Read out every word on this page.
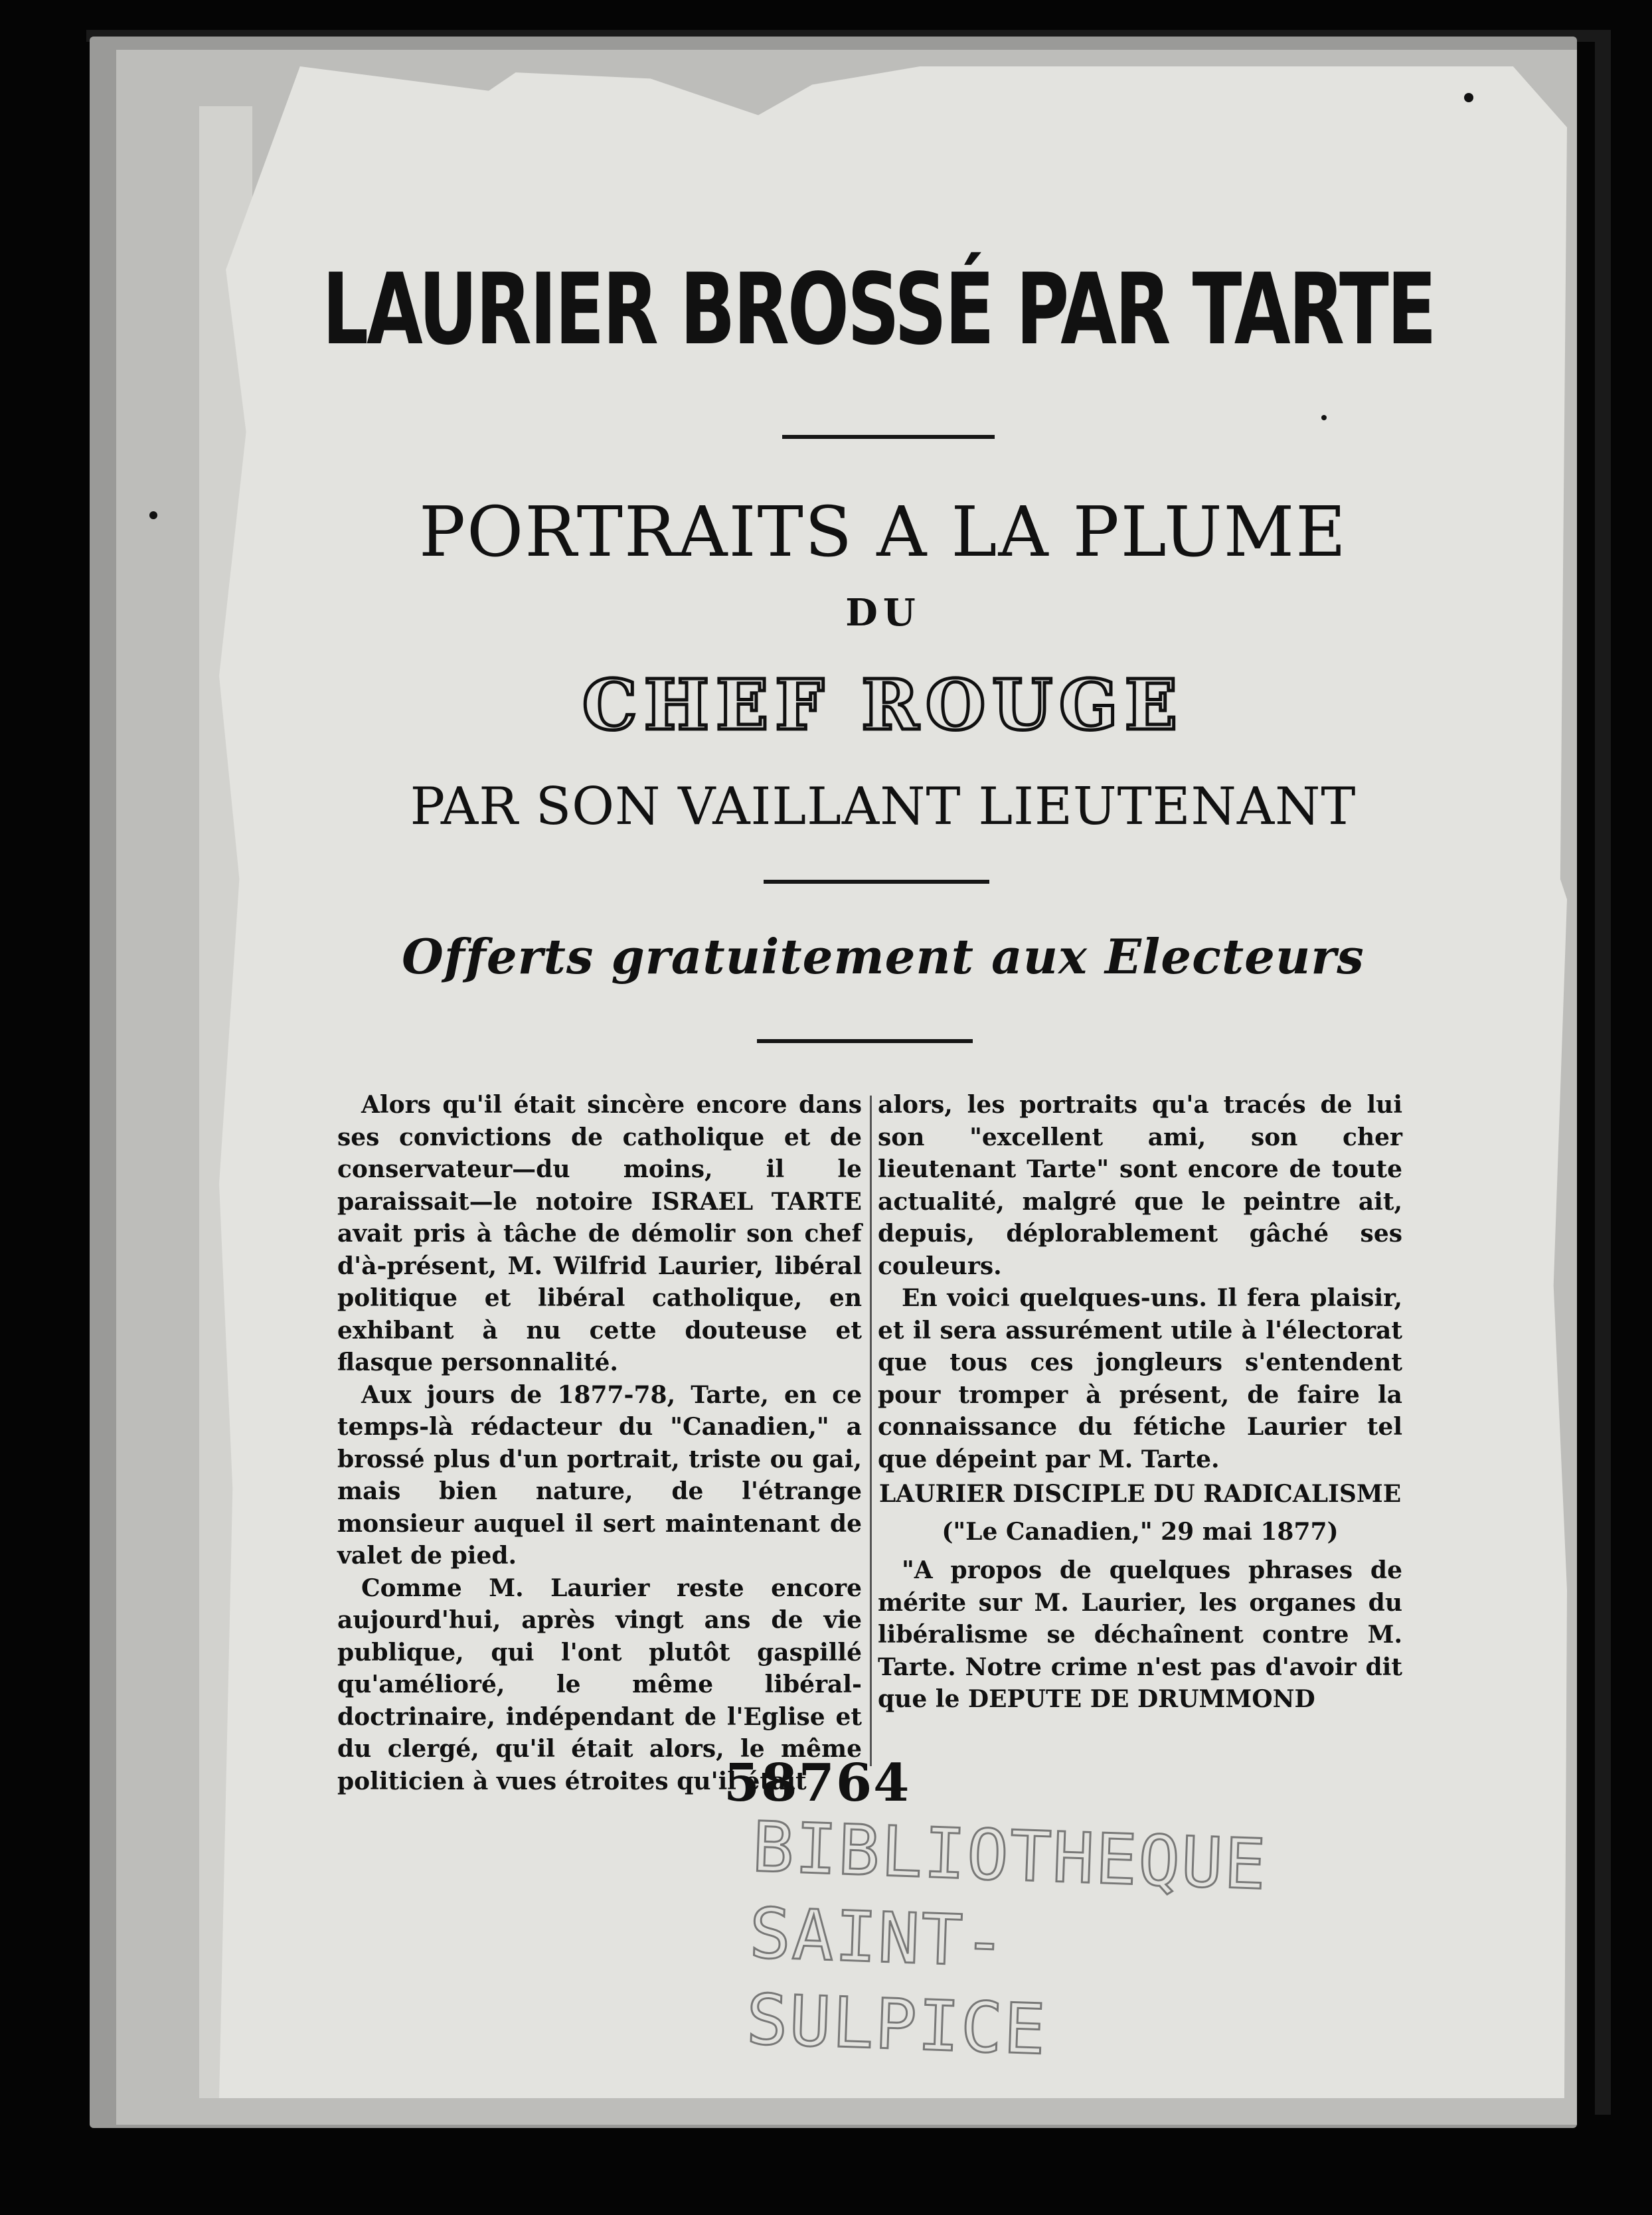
LAURIER BROSSÉ PAR TARTE
PORTRAITS A LA PLUME
DU
CHEF ROUGE
PAR SON VAILLANT LIEUTENANT
Offerts gratuitement aux Electeurs

Alors qu'il était sincère encore dans ses convictions de catholique et de conservateur—du moins, il le paraissait—le notoire ISRAEL TARTE avait pris à tâche de démolir son chef d'à-présent, M. Wilfrid Laurier, libéral politique et libéral catholique, en exhibant à nu cette douteuse et flasque personnalité.

Aux jours de 1877-78, Tarte, en ce temps-là rédacteur du "Canadien," a brossé plus d'un portrait, triste ou gai, mais bien nature, de l'étrange monsieur auquel il sert maintenant de valet de pied.

Comme M. Laurier reste encore aujourd'hui, après vingt ans de vie publique, qui l'ont plutôt gaspillé qu'amélioré, le même libéral-doctrinaire, indépendant de l'Eglise et du clergé, qu'il était alors, le même politicien à vues étroites qu'il était

alors, les portraits qu'a tracés de lui son "excellent ami, son cher lieutenant Tarte" sont encore de toute actualité, malgré que le peintre ait, depuis, déplorablement gâché ses couleurs.

En voici quelques-uns. Il fera plaisir, et il sera assurément utile à l'électorat que tous ces jongleurs s'entendent pour tromper à présent, de faire la connaissance du fétiche Laurier tel que dépeint par M. Tarte.

LAURIER DISCIPLE DU RADICALISME

("Le Canadien," 29 mai 1877)

"A propos de quelques phrases de mérite sur M. Laurier, les organes du libéralisme se déchaînent contre M. Tarte. Notre crime n'est pas d'avoir dit que le DEPUTE DE DRUMMOND

58764
BIBLIOTHEQUE
SAINT-SULPICE
